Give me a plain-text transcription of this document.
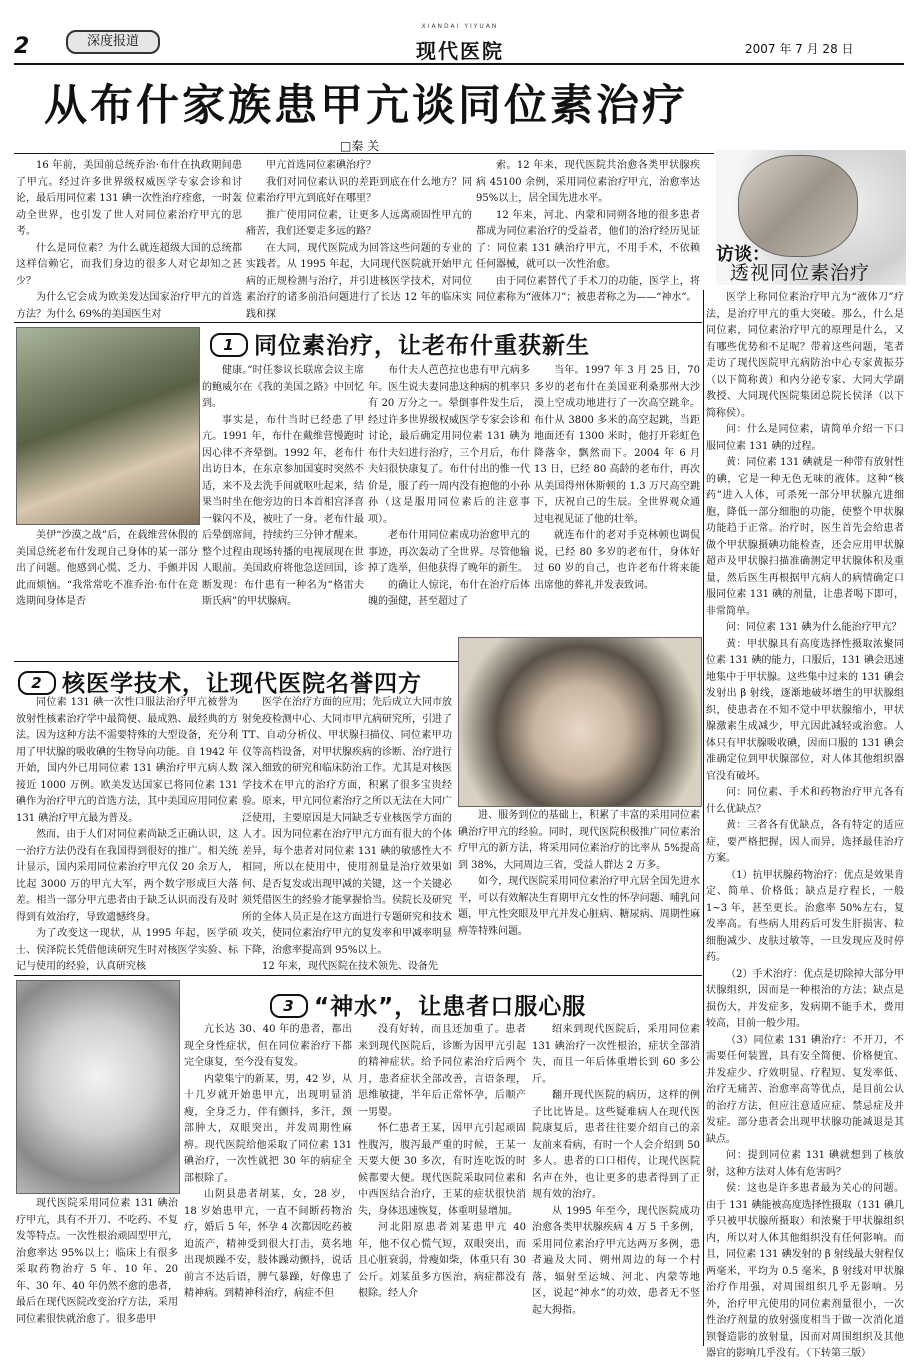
2	深度报道
XIANDAI YIYUAN
现代医院	2007 年 7 月 28 日
从布什家族患甲亢谈同位素治疗
□秦 关

16 年前，美国前总统乔治·布什在执政期间患了甲亢。经过许多世界级权威医学专家会诊和讨论，最后用同位素 131 碘一次性治疗痊愈，一时轰动全世界，也引发了世人对同位素治疗甲亢的思考。

什么是同位素？为什么就连超级大国的总统都这样信赖它，而我们身边的很多人对它却知之甚少？

为什么它会成为欧美发达国家治疗甲亢的首选方法？为什么 69%的美国医生对

甲亢首选同位素碘治疗？

我们对同位素认识的差距到底在什么地方？同位素治疗甲亢到底好在哪里？

推广使用同位素，让更多人远离顽固性甲亢的痛苦，我们还要走多远的路？

在大同，现代医院成为回答这些问题的专业的实践者。从 1995 年起，大同现代医院就开始甲亢病的正规检测与治疗，并引进核医学技术，对同位素治疗的诸多前沿问题进行了长达 12 年的临床实践和探

索。12 年来，现代医院共治愈各类甲状腺疾病 45100 余例，采用同位素治疗甲亢，治愈率达 95%以上，居全国先进水平。

12 年来，河北、内蒙和同朔各地的很多患者都成为同位素治疗的受益者，他们的治疗经历见证了：同位素 131 碘治疗甲亢，不用手术，不依赖任何器械，就可以一次性治愈。

由于同位素替代了手术刀的功能，医学上，将同位素称为“液体刀”；被患者称之为——“神水”。

访谈：
透视同位素治疗

医学上称同位素治疗甲亢为“液体刀”疗法，是治疗甲亢的重大突破。那么，什么是同位素，同位素治疗甲亢的原理是什么，又有哪些优势和不足呢？带着这些问题，笔者走访了现代医院甲亢病防治中心专家黄振芬（以下简称黄）和内分泌专家、大同大学副教授、大同现代医院集团总院长侯泽（以下简称侯）。

问：什么是同位素，请简单介绍一下口服同位素 131 碘的过程。

黄：同位素 131 碘就是一种带有放射性的碘，它是一种无色无味的液体。这种“核药”进入人体，可杀死一部分甲状腺亢进细胞，降低一部分细胞的功能，使整个甲状腺功能趋于正常。治疗时，医生首先会给患者做个甲状腺摄碘功能检查，还会应用甲状腺超声及甲状腺扫描准确测定甲状腺体积及重量，然后医生再根据甲亢病人的病情确定口服同位素 131 碘的剂量，让患者喝下即可，非常简单。

问：同位素 131 碘为什么能治疗甲亢？

黄：甲状腺具有高度选择性摄取浓聚同位素 131 碘的能力，口服后，131 碘会迅速地集中于甲状腺。这些集中过来的 131 碘会发射出 β 射线，逐渐地破坏增生的甲状腺组织，使患者在不知不觉中甲状腺缩小，甲状腺激素生成减少，甲亢因此减轻或治愈。人体只有甲状腺吸收碘，因而口服的 131 碘会准确定位到甲状腺部位，对人体其他组织器官没有破坏。

问：同位素、手术和药物治疗甲亢各有什么优缺点？

黄：三者各有优缺点，各有特定的适应症，要严格把握，因人而异，选择最佳治疗方案。

（1）抗甲状腺药物治疗：优点是效果肯定、简单、价格低；缺点是疗程长，一般 1~3 年，甚至更长。治愈率 50%左右，复发率高。有些病人用药后可发生肝损害、粒细胞减少、皮肤过敏等，一旦发现应及时停药。

（2）手术治疗：优点是切除掉大部分甲状腺组织，因而是一种根治的方法；缺点是损伤大，并发症多，发病期不能手术，费用较高，目前一般少用。

（3）同位素 131 碘治疗：不开刀，不需要任何装置，具有安全简便、价格便宜、并发症少、疗效明显、疗程短、复发率低、治疗无痛苦、治愈率高等优点，是目前公认的治疗方法，但应注意适应症、禁忌症及并发症。部分患者会出现甲状腺功能减退是其缺点。

问：提到同位素 131 碘就想到了核放射，这种方法对人体有危害吗？

侯：这也是许多患者最为关心的问题。由于 131 碘能被高度选择性摄取（131 碘几乎只被甲状腺所摄取）和浓聚于甲状腺组织内，所以对人体其他组织没有任何影响。而且，同位素 131 碘发射的 β 射线最大射程仅两毫米，平均为 0.5 毫米，β 射线对甲状腺治疗作用强，对周围组织几乎无影响。另外，治疗甲亢使用的同位素剂量很小，一次性治疗剂量的放射强度相当于做一次消化道钡餐造影的放射量，因而对周围组织及其他器官的影响几乎没有。（下转第三版）

1 同位素治疗，让老布什重获新生

美伊“沙漠之战”后，在载维营休假的美国总统老布什发现自己身体的某一部分出了问题。他感到心慌、乏力、手颤并因此而烦恼。“我常常吃不准乔治·布什在竞选期间身体是否

健康。”时任参议长联席会议主席的鲍威尔在《我的美国之路》中回忆到。

事实是，布什当时已经患了甲亢。1991 年，布什在戴维营慢跑时因心律不齐晕倒。1992 年，老布什出访日本，在东京参加国宴时突然不适，来不及去洗手间就呕吐起来，结果当时坐在他旁边的日本首相宫泽喜一躲闪不及，被吐了一身。老布什最后晕倒席间，持续约三分钟才醒来。整个过程由现场转播的电视展现在世人眼前。美国政府将他急送回国，诊断发现：布什患有一种名为“格雷夫斯氏病”的甲状腺病。

布什夫人芭芭拉也患有甲亢病多年。医生说夫妻同患这种病的机率只有 20 万分之一。晕倒事件发生后，经过许多世界级权威医学专家会诊和讨论，最后确定用同位素 131 碘为布什夫妇进行治疗，三个月后，布什夫妇很快康复了。布什付出的惟一代价是，服了药一周内没有抱他的小孙孙（这是服用同位素后的注意事项）。

老布什用同位素成功治愈甲亢的事迹，再次轰动了全世界。尽管他输掉了选举，但他获得了晚年的新生。

的确让人惊诧，布什在治疗后体魄的强健，甚至超过了

当年。1997 年 3 月 25 日，70 多岁的老布什在美国亚利桑那州大沙漠上空成功地进行了一次高空跳伞。布什从 3800 多米的高空起跳，当距地面还有 1300 米时，他打开彩虹色降落伞，飘然而下。2004 年 6 月 13 日，已经 80 高龄的老布什，再次从美国得州休斯顿的 1.3 万尺高空跳下，庆祝自己的生辰。全世界观众通过电视见证了他的壮举。

就连布什的老对手克林顿也调侃说，已经 80 多岁的老布什，身体好过 60 岁的自己，也许老布什将来能出席他的葬礼并发表致词。

2 核医学技术，让现代医院名誉四方

同位素 131 碘一次性口服法治疗甲亢被誉为放射性核素治疗学中最简便、最成熟、最经典的方法。因为这种方法不需要特殊的大型设备，充分利用了甲状腺的吸收碘的生物导向功能。自 1942 年开始，国内外已用同位素 131 碘治疗甲亢病人数接近 1000 万例。欧美发达国家已将同位素 131 碘作为治疗甲亢的首选方法，其中美国应用同位素 131 碘治疗甲亢最为普及。

然而，由于人们对同位素尚缺乏正确认识，这一治疗方法仍没有在我国得到很好的推广。相关统计显示，国内采用同位素治疗甲亢仅 20 余万人，比起 3000 万的甲亢大军，两个数字形成巨大落差。相当一部分甲亢患者由于缺乏认识而没有及时得到有效治疗，导致遗憾终身。

为了改变这一现状，从 1995 年起，医学硕士、侯泽院长凭借他读研究生时对核医学实验、标记与使用的经验，认真研究核

医学在治疗方面的应用；先后成立大同市放射免疫检测中心、大同市甲亢病研究所，引进了 TT、自动分析仪、甲状腺扫描仪、同位素甲功仪等高档设备，对甲状腺疾病的诊断、治疗进行深入细致的研究和临床防治工作。尤其是对核医学技术在甲亢的治疗方面，积累了很多宝贵经验。原来，甲亢同位素治疗之所以无法在大同广泛使用，主要原因是大同缺乏专业核医学方面的人才。因为同位素在治疗甲亢方面有很大的个体差异，每个患者对同位素 131 碘的敏感性大不相同，所以在使用中，使用剂量是治疗效果如何、是否复发或出现甲减的关键，这一个关键必须凭借医生的经验才能掌握恰当。侯院长及研究所的全体人员正是在这方面进行专题研究和技术攻关，使同位素治疗甲亢的复发率和甲减率明显下降，治愈率提高到 95%以上。

12 年来，现代医院在技术领先、设备先

进、服务到位的基础上，积累了丰富的采用同位素碘治疗甲亢的经验。同时，现代医院积极推广同位素治疗甲亢的新方法，将采用同位素治疗的比率从 5%提高到 38%，大同周边三省，受益人群达 2 万多。

如今，现代医院采用同位素治疗甲亢居全国先进水平，可以有效解决生育期甲亢女性的怀孕问题、哺乳问题，甲亢性突眼及甲亢并发心脏病、糖尿病、周期性麻痹等特殊问题。

3 “神水”，让患者口服心服

现代医院采用同位素 131 碘治疗甲亢，具有不开刀、不吃药、不复发等特点。一次性根治顽固型甲亢，治愈率达 95%以上；临床上有很多采取药物治疗 5 年、10 年、20 年、30 年、40 年仍然不愈的患者，最后在现代医院改变治疗方法，采用同位素很快就治愈了。很多患甲

亢长达 30、40 年的患者，都出现全身性症状，但在同位素治疗下都完全康复，至今没有复发。

内蒙集宁的新某，男，42 岁，从十几岁就开始患甲亢，出现明显消瘦，全身乏力，伴有颤抖，多汗，颈部肿大，双眼突出，并发周期性麻痹。现代医院给他采取了同位素 131 碘治疗，一次性就把 30 年的病症全部根除了。

山阴县患者胡某，女，28 岁，18 岁始患甲亢，一直不间断药物治疗，婚后 5 年，怀孕 4 次都因吃药被迫流产，精神受到很大打击，莫名地出现烦躁不安，肢体躁动颤抖，说话前言不达后语，脾气暴躁，好像患了精神病。到精神科治疗，病症不但

没有好转，而且还加重了。患者来到现代医院后，诊断为因甲亢引起的精神症状。给予同位素治疗后两个月，患者症状全部改善，言语条理，思维敏捷，半年后正常怀孕，后顺产一男婴。

怀仁患者王某，因甲亢引起顽固性腹泻，腹泻最严重的时候，王某一天要大便 30 多次，有时连吃饭的时候都要大便。现代医院采取同位素和中西医结合治疗，王某的症状很快消失，身体迅速恢复，体重明显增加。

河北阳原患者刘某患甲亢 40 年，他不仅心慌气短，双眼突出，而且心脏衰弱，骨瘦如柴，体重只有 30 公斤。刘某虽多方医治，病症都没有根除。经人介

绍来到现代医院后，采用同位素 131 碘治疗一次性根治，症状全部消失，而且一年后体重增长到 60 多公斤。

翻开现代医院的病历，这样的例子比比皆是。这些疑难病人在现代医院康复后，患者往往要介绍自己的亲友前来看病，有时一个人会介绍到 50 多人。患者的口口相传，让现代医院名声在外，也让更多的患者得到了正规有效的治疗。

从 1995 年至今，现代医院成功治愈各类甲状腺疾病 4 万 5 千多例，采用同位素治疗甲亢达两万多例，患者遍及大同、朔州周边的每一个村落，辐射至运城、河北、内蒙等地区，说起“神水”的功效，患者无不竖起大拇指。
